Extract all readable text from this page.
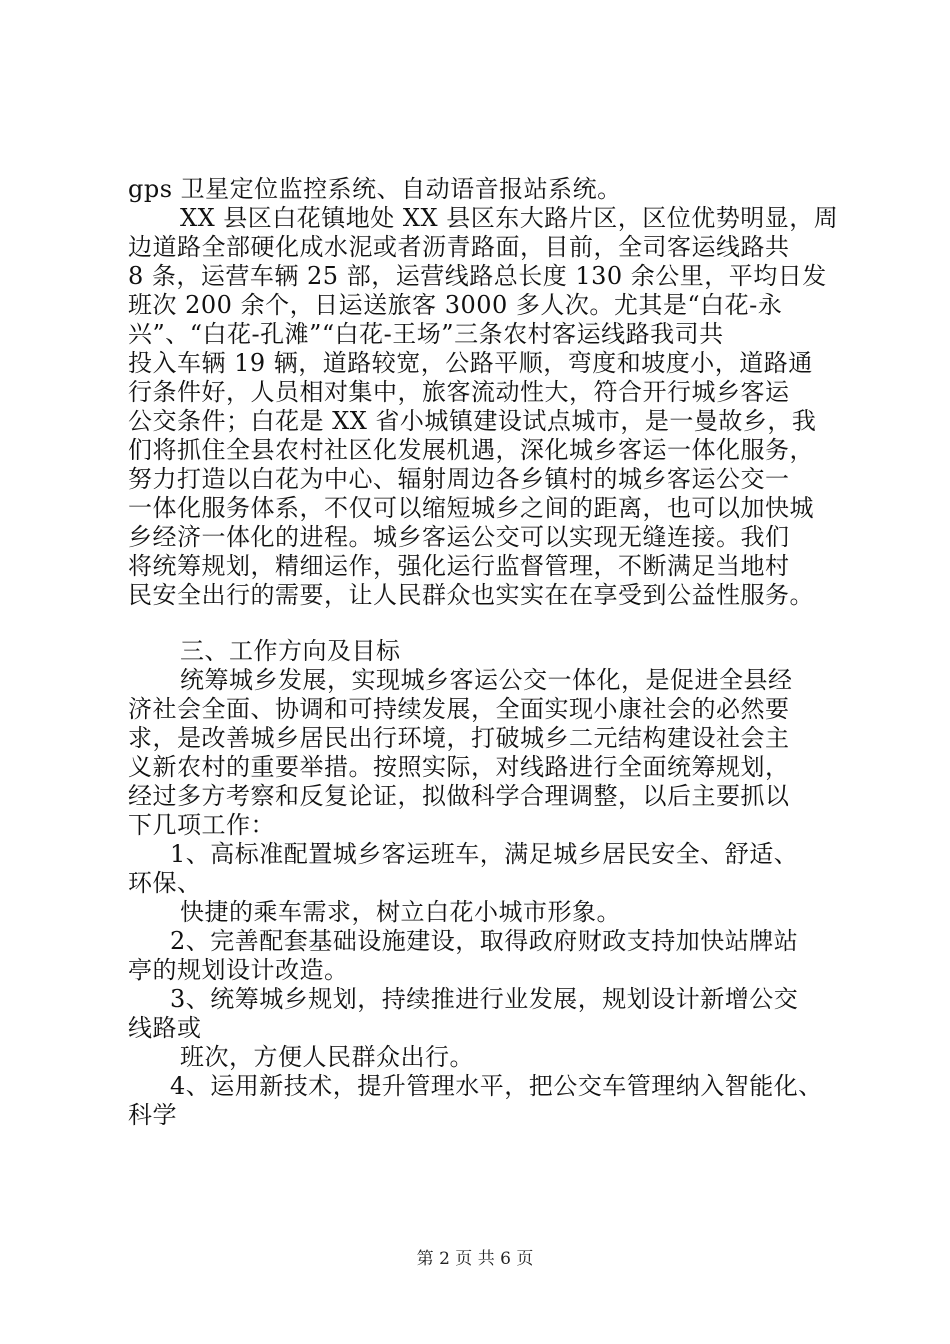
gps 卫星定位监控系统、自动语音报站系统。
XX 县区白花镇地处 XX 县区东大路片区，区位优势明显，周
边道路全部硬化成水泥或者沥青路面，目前，全司客运线路共
8 条，运营车辆 25 部，运营线路总长度 130 余公里，平均日发
班次 200 余个，日运送旅客 3000 多人次。尤其是“白花-永
兴”、“白花-孔滩”“白花-王场”三条农村客运线路我司共
投入车辆 19 辆，道路较宽，公路平顺，弯度和坡度小，道路通
行条件好，人员相对集中，旅客流动性大，符合开行城乡客运
公交条件；白花是 XX 省小城镇建设试点城市，是一曼故乡，我
们将抓住全县农村社区化发展机遇，深化城乡客运一体化服务，
努力打造以白花为中心、辐射周边各乡镇村的城乡客运公交一
一体化服务体系，不仅可以缩短城乡之间的距离，也可以加快城
乡经济一体化的进程。城乡客运公交可以实现无缝连接。我们
将统筹规划，精细运作，强化运行监督管理，不断满足当地村
民安全出行的需要，让人民群众也实实在在享受到公益性服务。
三、工作方向及目标
统筹城乡发展，实现城乡客运公交一体化，是促进全县经
济社会全面、协调和可持续发展，全面实现小康社会的必然要
求，是改善城乡居民出行环境，打破城乡二元结构建设社会主
义新农村的重要举措。按照实际，对线路进行全面统筹规划，
经过多方考察和反复论证，拟做科学合理调整，以后主要抓以
下几项工作：
1、高标准配置城乡客运班车，满足城乡居民安全、舒适、
环保、
快捷的乘车需求，树立白花小城市形象。
2、完善配套基础设施建设，取得政府财政支持加快站牌站
亭的规划设计改造。
3、统筹城乡规划，持续推进行业发展，规划设计新增公交
线路或
班次，方便人民群众出行。
4、运用新技术，提升管理水平，把公交车管理纳入智能化、
科学
第 2 页 共 6 页
